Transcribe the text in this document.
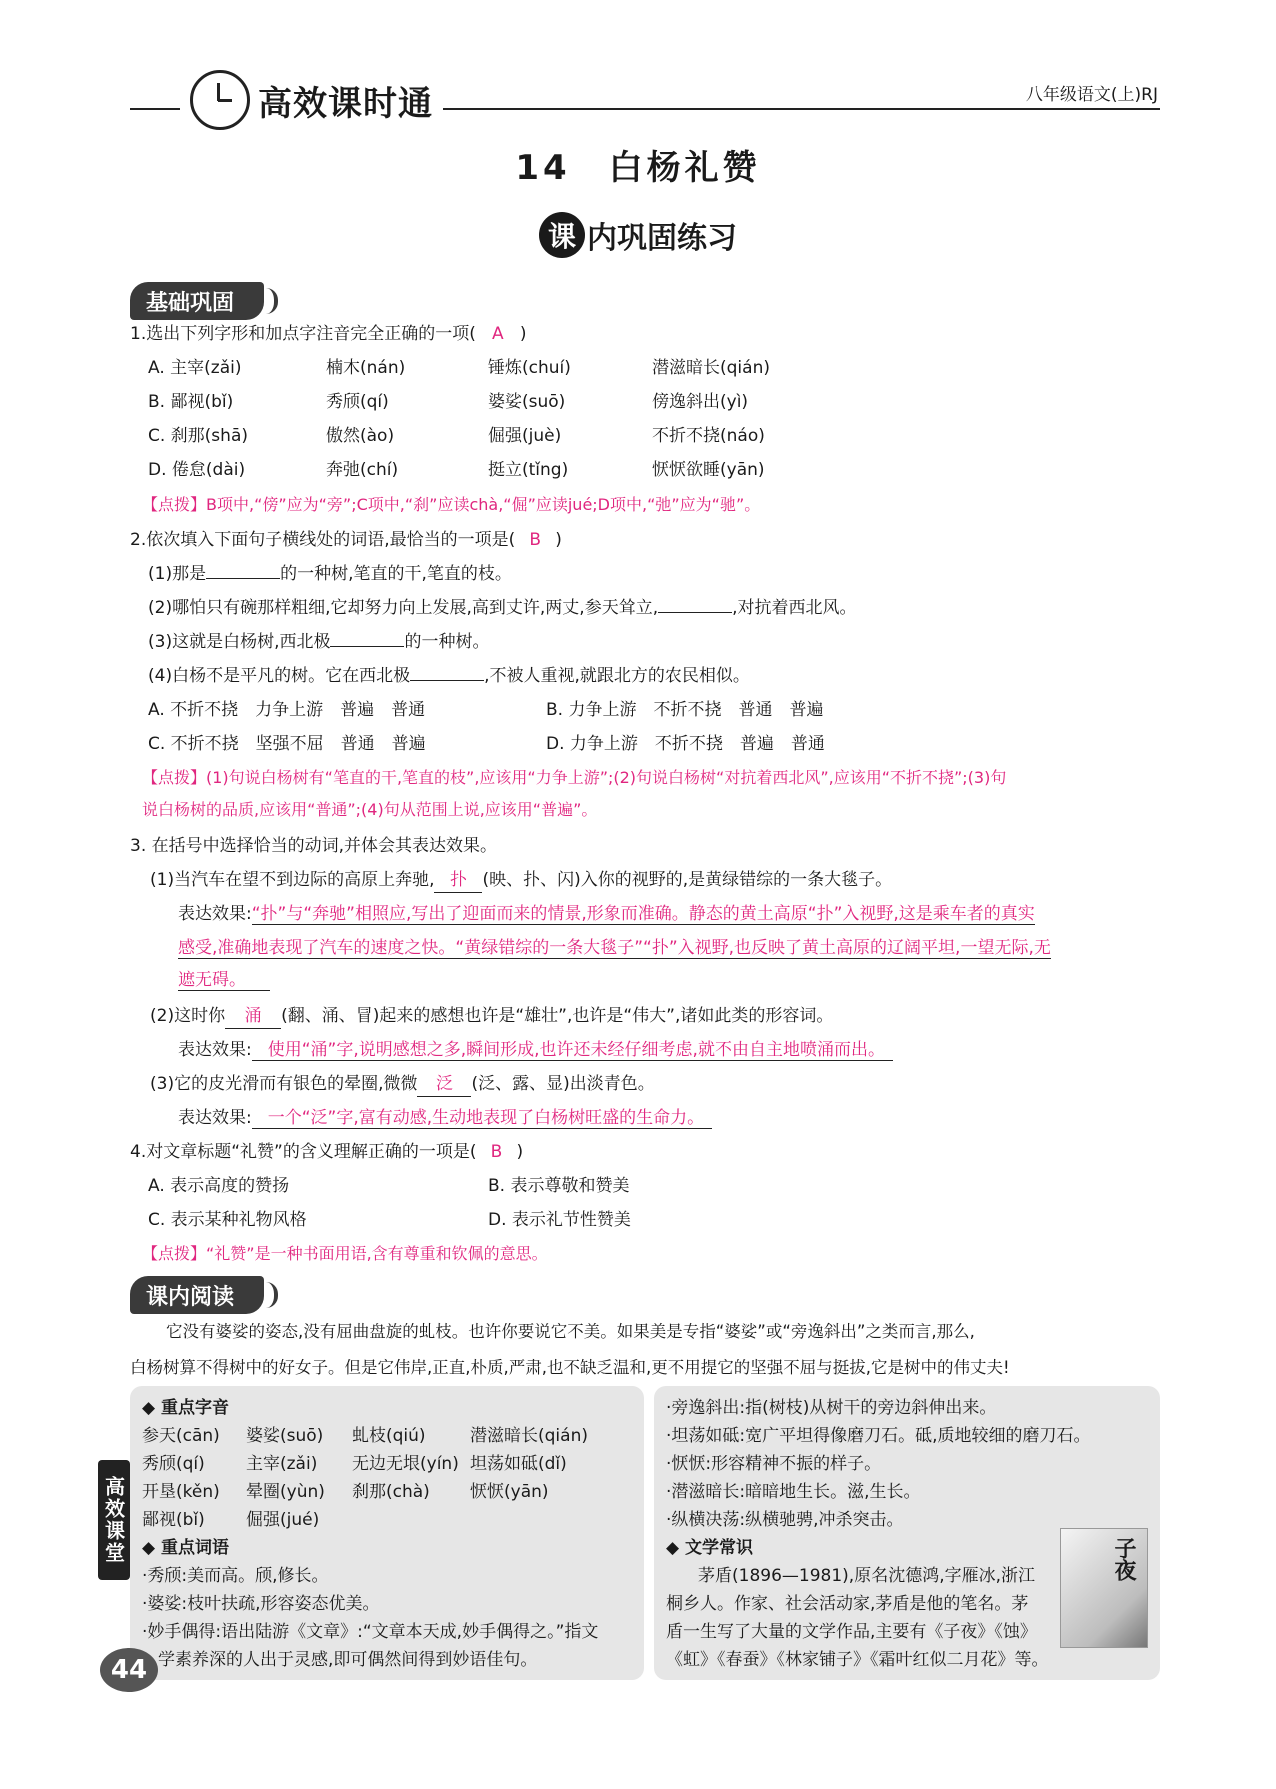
高效课时通	八年级语文(上)RJ
14　白杨礼赞
课 内巩固练习
基础巩固
1.选出下列字形和加点字注音完全正确的一项( A )
A. 主宰(zǎi)	楠木(nán)	锤炼(chuí)	潜滋暗长(qián)
B. 鄙视(bǐ)	秀颀(qí)	婆娑(suō)	傍逸斜出(yì)
C. 刹那(shā)	傲然(ào)	倔强(juè)	不折不挠(náo)
D. 倦怠(dài)	奔弛(chí)	挺立(tǐng)	恹恹欲睡(yān)
【点拨】B项中,“傍”应为“旁”;C项中,“刹”应读chà,“倔”应读jué;D项中,“弛”应为“驰”。
2.依次填入下面句子横线处的词语,最恰当的一项是( B )
(1)那是	的一种树,笔直的干,笔直的枝。
(2)哪怕只有碗那样粗细,它却努力向上发展,高到丈许,两丈,参天耸立,	,对抗着西北风。
(3)这就是白杨树,西北极	的一种树。
(4)白杨不是平凡的树。它在西北极	,不被人重视,就跟北方的农民相似。
A. 不折不挠　力争上游　普遍　普通	B. 力争上游　不折不挠　普通　普遍
C. 不折不挠　坚强不屈　普通　普遍	D. 力争上游　不折不挠　普遍　普通
【点拨】(1)句说白杨树有“笔直的干,笔直的枝”,应该用“力争上游”;(2)句说白杨树“对抗着西北风”,应该用“不折不挠”;(3)句
说白杨树的品质,应该用“普通”;(4)句从范围上说,应该用“普遍”。
3. 在括号中选择恰当的动词,并体会其表达效果。
(1)当汽车在望不到边际的高原上奔驰, 扑 (映、扑、闪)入你的视野的,是黄绿错综的一条大毯子。
表达效果:“扑”与“奔驰”相照应,写出了迎面而来的情景,形象而准确。静态的黄土高原“扑”入视野,这是乘车者的真实
感受,准确地表现了汽车的速度之快。“黄绿错综的一条大毯子”“扑”入视野,也反映了黄土高原的辽阔平坦,一望无际,无
遮无碍。
(2)这时你 涌 (翻、涌、冒)起来的感想也许是“雄壮”,也许是“伟大”,诸如此类的形容词。
表达效果: 使用“涌”字,说明感想之多,瞬间形成,也许还未经仔细考虑,就不由自主地喷涌而出。
(3)它的皮光滑而有银色的晕圈,微微 泛 (泛、露、显)出淡青色。
表达效果: 一个“泛”字,富有动感,生动地表现了白杨树旺盛的生命力。
4.对文章标题“礼赞”的含义理解正确的一项是( B )
A. 表示高度的赞扬	B. 表示尊敬和赞美
C. 表示某种礼物风格	D. 表示礼节性赞美
【点拨】“礼赞”是一种书面用语,含有尊重和钦佩的意思。
课内阅读
它没有婆娑的姿态,没有屈曲盘旋的虬枝。也许你要说它不美。如果美是专指“婆娑”或“旁逸斜出”之类而言,那么,
白杨树算不得树中的好女子。但是它伟岸,正直,朴质,严肃,也不缺乏温和,更不用提它的坚强不屈与挺拔,它是树中的伟丈夫!
◆ 重点字音
参天(cān) 婆娑(suō) 虬枝(qiú)	潜滋暗长(qián)
秀颀(qí) 主宰(zǎi) 无边无垠(yín) 坦荡如砥(dǐ)
开垦(kěn) 晕圈(yùn) 刹那(chà) 恹恹(yān)
鄙视(bǐ) 倔强(jué)
◆ 重点词语
·秀颀:美而高。颀,修长。
·婆娑:枝叶扶疏,形容姿态优美。
·妙手偶得:语出陆游《文章》:“文章本天成,妙手偶得之。”指文
学素养深的人出于灵感,即可偶然间得到妙语佳句。
·旁逸斜出:指(树枝)从树干的旁边斜伸出来。
·坦荡如砥:宽广平坦得像磨刀石。砥,质地较细的磨刀石。
·恹恹:形容精神不振的样子。
·潜滋暗长:暗暗地生长。滋,生长。
·纵横决荡:纵横驰骋,冲杀突击。
◆ 文学常识
茅盾(1896—1981),原名沈德鸿,字雁冰,浙江
桐乡人。作家、社会活动家,茅盾是他的笔名。茅
盾一生写了大量的文学作品,主要有《子夜》《蚀》
《虹》《春蚕》《林家铺子》《霜叶红似二月花》等。
子夜
高效课堂
44
